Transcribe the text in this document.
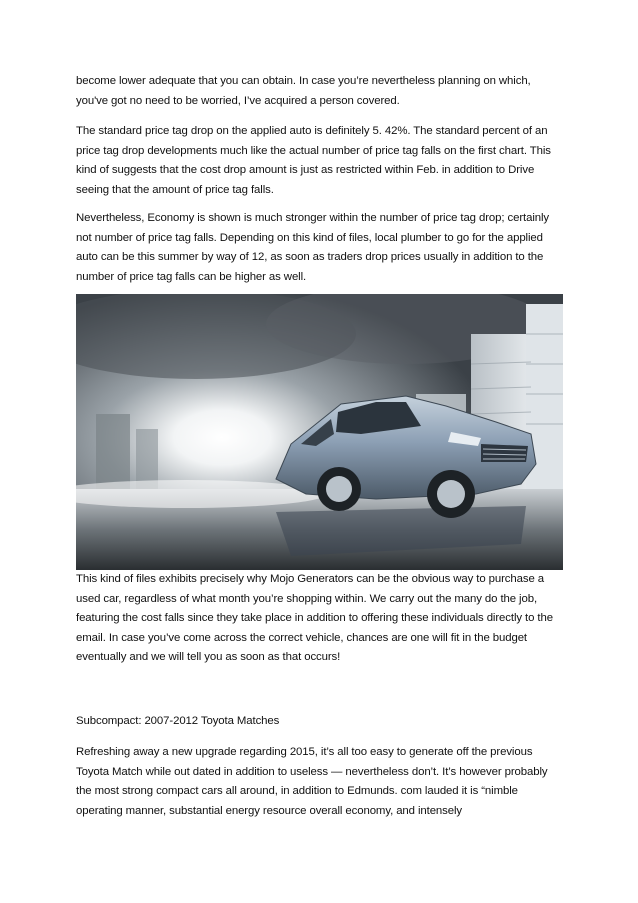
become lower adequate that you can obtain. In case you’re nevertheless planning on which, you've got no need to be worried, I’ve acquired a person covered.

The standard price tag drop on the applied auto is definitely 5. 42%. The standard percent of an price tag drop developments much like the actual number of price tag falls on the first chart. This kind of suggests that the cost drop amount is just as restricted within Feb. in addition to Drive seeing that the amount of price tag falls.

Nevertheless, Economy is shown is much stronger within the number of price tag drop; certainly not number of price tag falls. Depending on this kind of files, local plumber to go for the applied auto can be this summer by way of 12, as soon as traders drop prices usually in addition to the number of price tag falls can be higher as well.

This kind of files exhibits precisely why Mojo Generators can be the obvious way to purchase a used car, regardless of what month you’re shopping within. We carry out the many do the job, featuring the cost falls since they take place in addition to offering these individuals directly to the email. In case you’ve come across the correct vehicle, chances are one will fit in the budget eventually and we will tell you as soon as that occurs!

Subcompact: 2007-2012 Toyota Matches

Refreshing away a new upgrade regarding 2015, it’s all too easy to generate off the previous Toyota Match while out dated in addition to useless — nevertheless don’t. It’s however probably the most strong compact cars all around, in addition to Edmunds. com lauded it is “nimble operating manner, substantial energy resource overall economy, and intensely
